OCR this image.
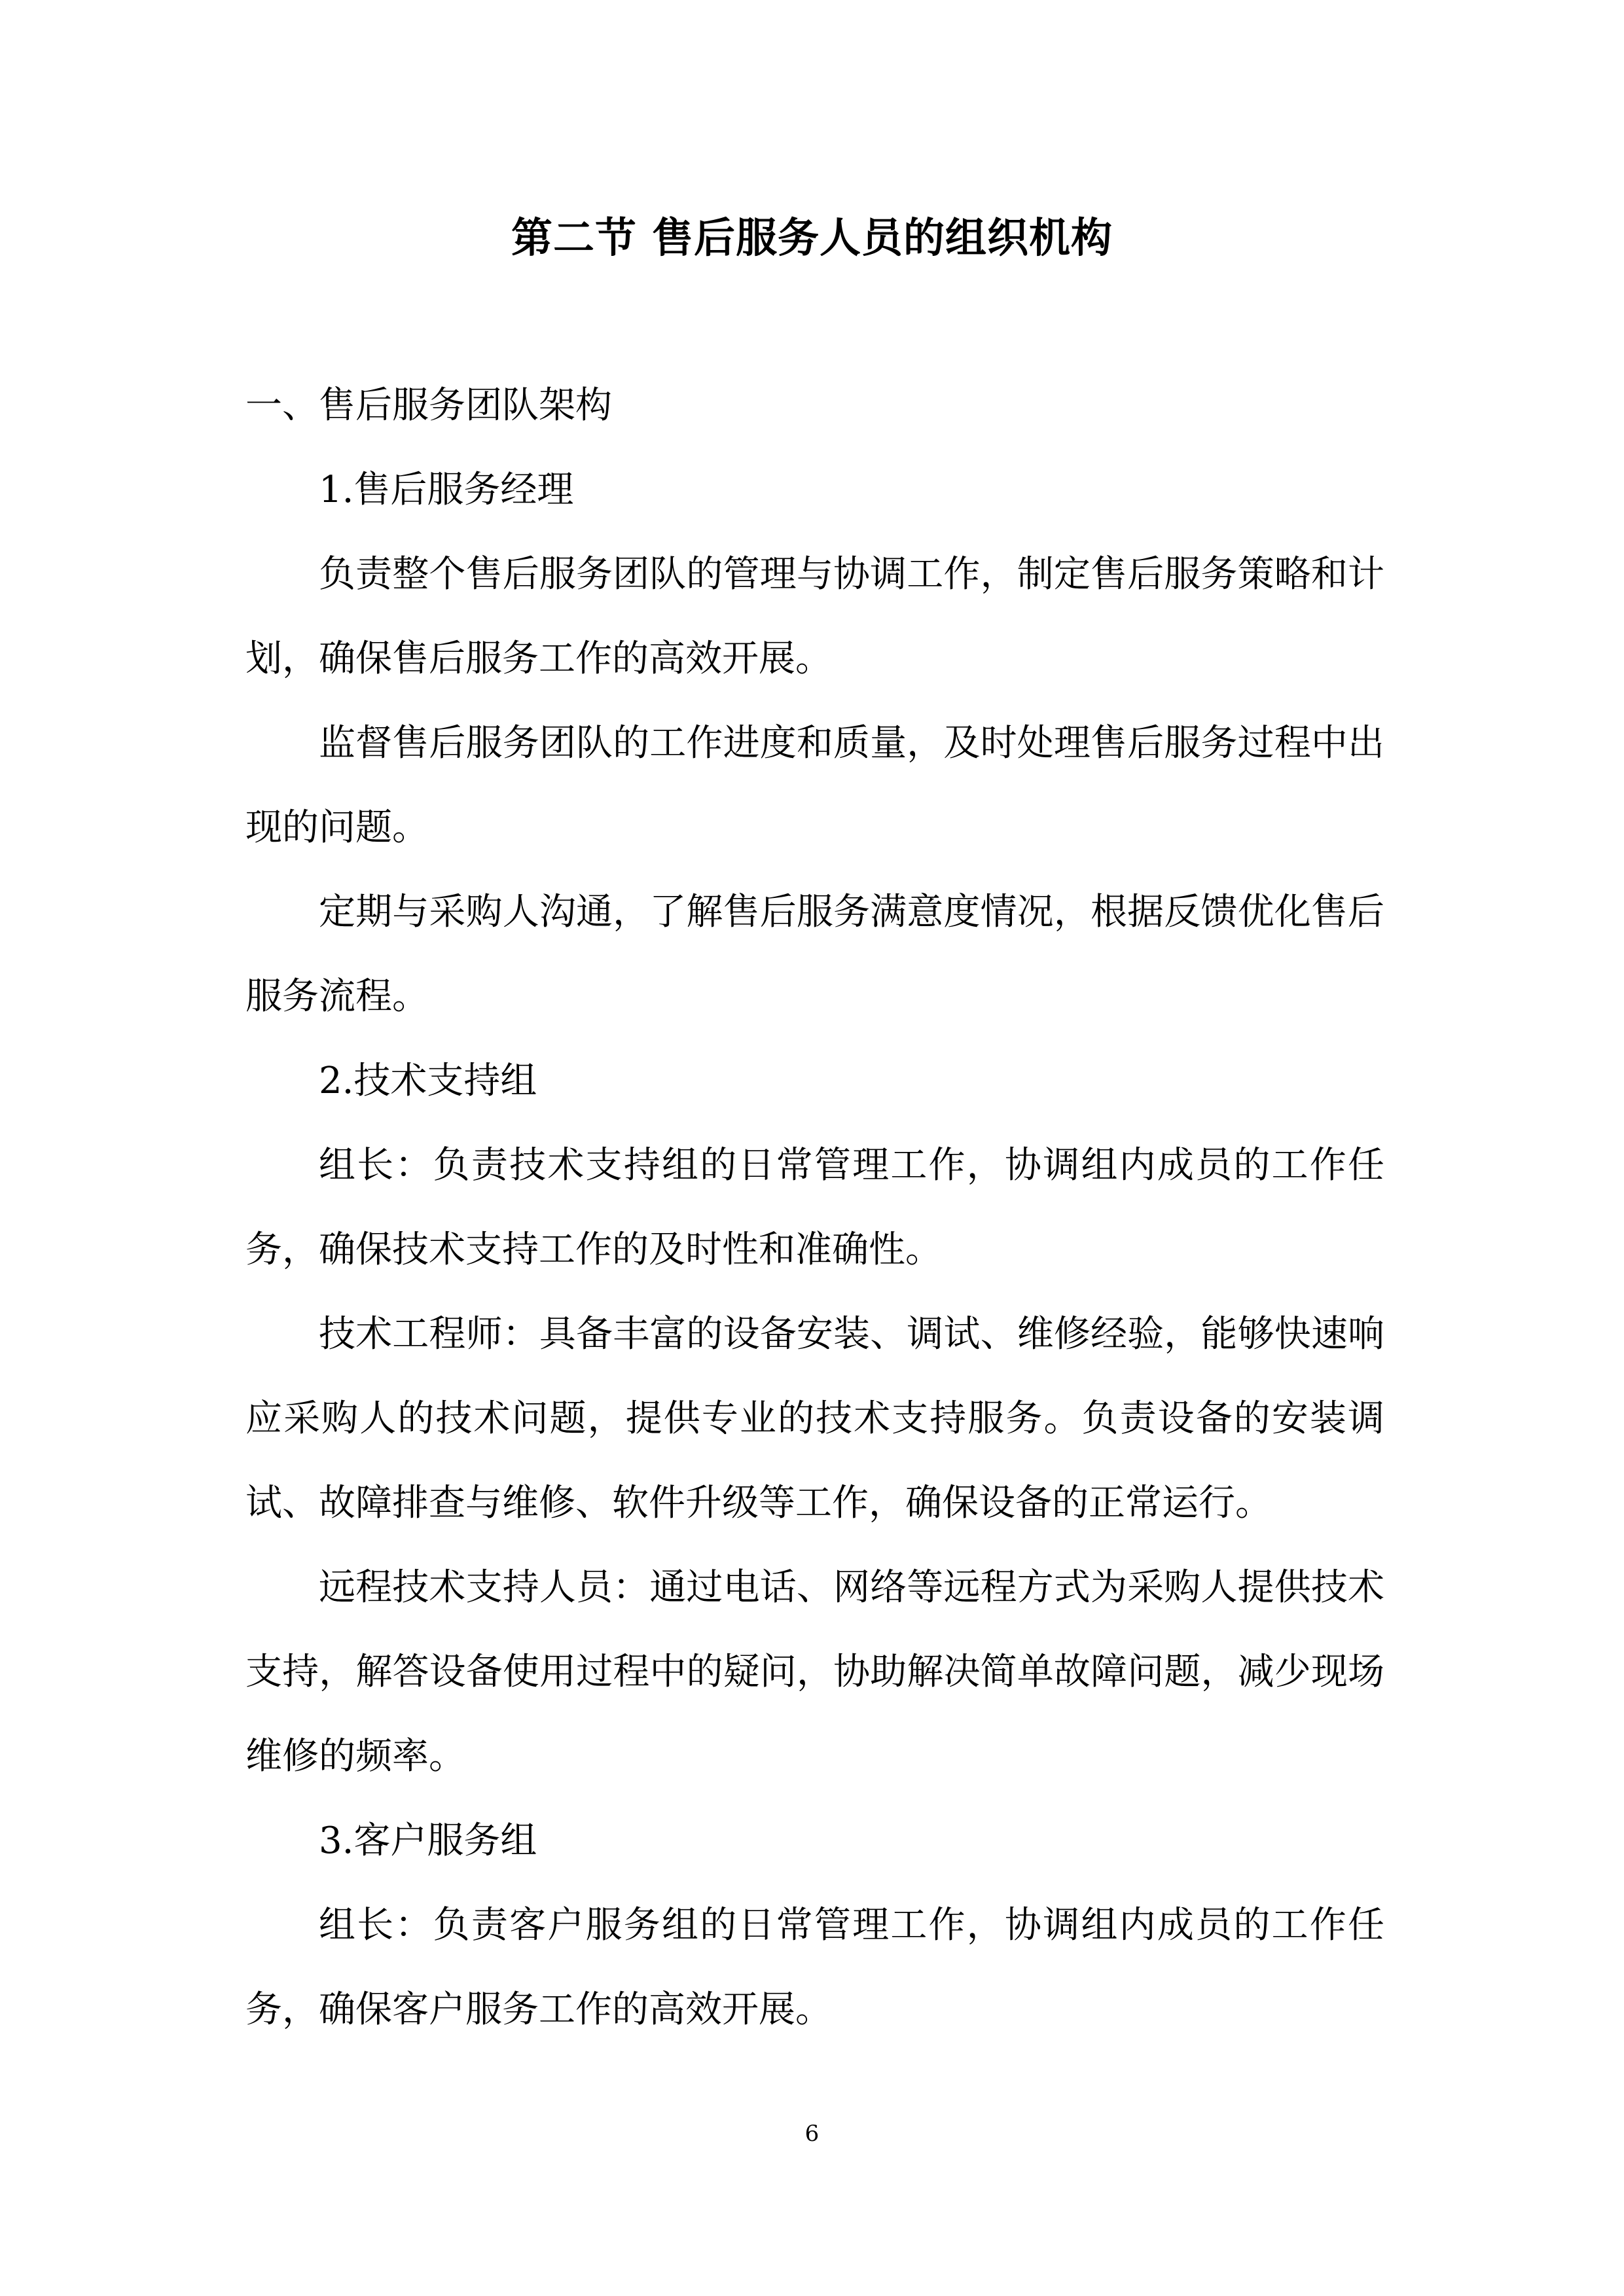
第二节 售后服务人员的组织机构

一、售后服务团队架构

1.售后服务经理

负责整个售后服务团队的管理与协调工作，制定售后服务策略和计划，确保售后服务工作的高效开展。

监督售后服务团队的工作进度和质量，及时处理售后服务过程中出现的问题。

定期与采购人沟通，了解售后服务满意度情况，根据反馈优化售后服务流程。

2.技术支持组

组长：负责技术支持组的日常管理工作，协调组内成员的工作任务，确保技术支持工作的及时性和准确性。

技术工程师：具备丰富的设备安装、调试、维修经验，能够快速响应采购人的技术问题，提供专业的技术支持服务。负责设备的安装调试、故障排查与维修、软件升级等工作，确保设备的正常运行。

远程技术支持人员：通过电话、网络等远程方式为采购人提供技术支持，解答设备使用过程中的疑问，协助解决简单故障问题，减少现场维修的频率。

3.客户服务组

组长：负责客户服务组的日常管理工作，协调组内成员的工作任务，确保客户服务工作的高效开展。

6
